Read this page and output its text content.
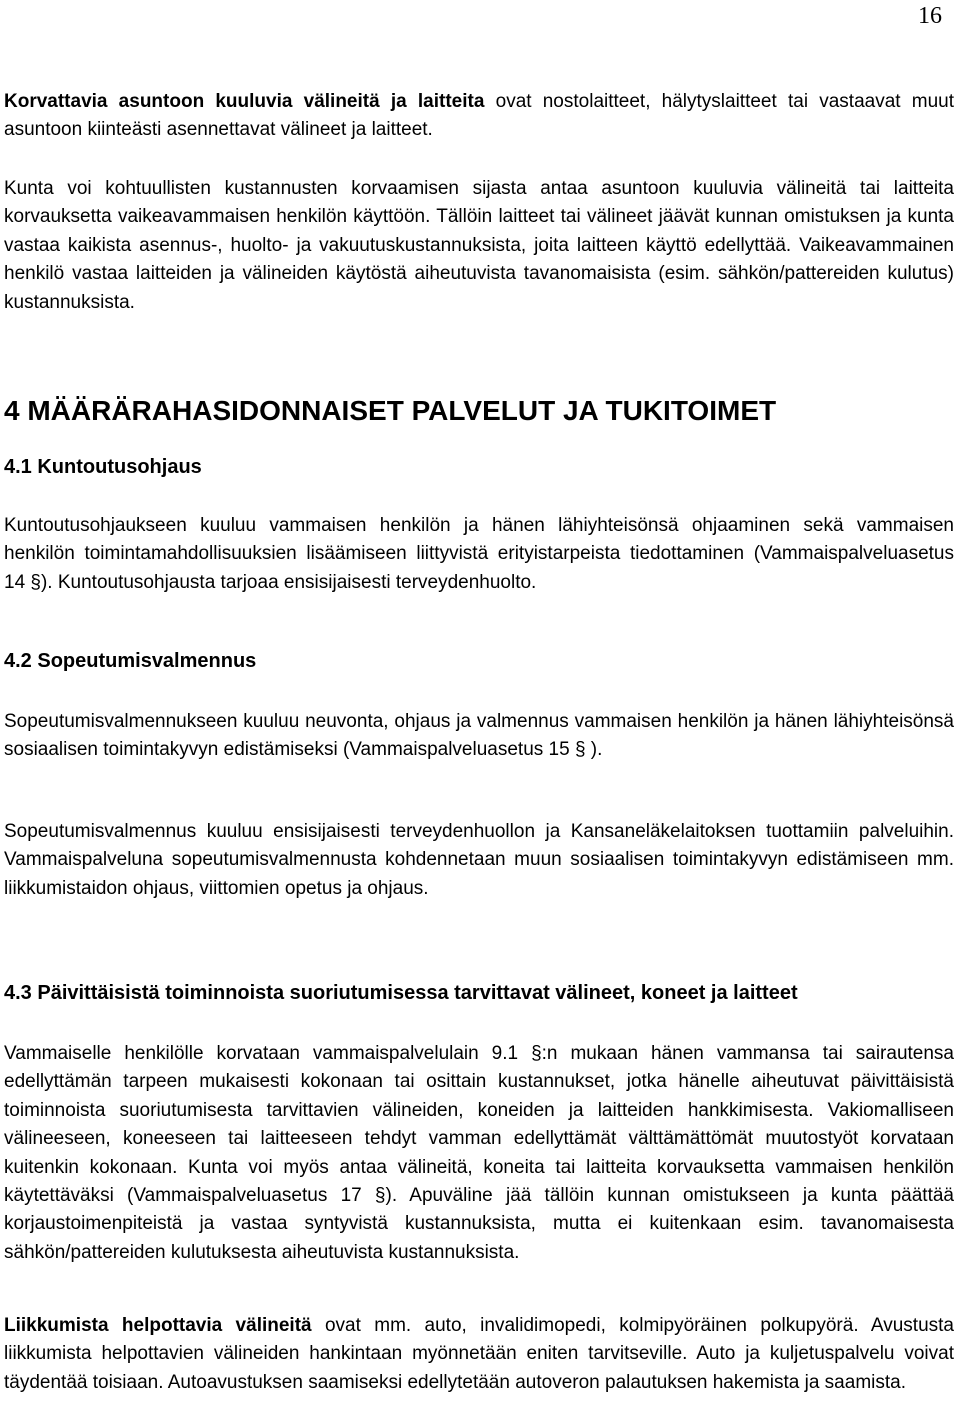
16

Korvattavia asuntoon kuuluvia välineitä ja laitteita ovat nostolaitteet, hälytyslaitteet tai vastaavat muut asuntoon kiinteästi asennettavat välineet ja laitteet.

Kunta voi kohtuullisten kustannusten korvaamisen sijasta antaa asuntoon kuuluvia välineitä tai laitteita korvauksetta vaikeavammaisen henkilön käyttöön. Tällöin laitteet tai välineet jäävät kunnan omistuksen ja kunta vastaa kaikista asennus-, huolto- ja vakuutuskustannuksista, joita laitteen käyttö edellyttää. Vaikeavammainen henkilö vastaa laitteiden ja välineiden käytöstä aiheutuvista tavanomaisista (esim. sähkön/pattereiden kulutus) kustannuksista.

4 MÄÄRÄRAHASIDONNAISET PALVELUT JA TUKITOIMET
4.1 Kuntoutusohjaus

Kuntoutusohjaukseen kuuluu vammaisen henkilön ja hänen lähiyhteisönsä ohjaaminen sekä vammaisen henkilön toimintamahdollisuuksien lisäämiseen liittyvistä erityistarpeista tiedottaminen (Vammaispalveluasetus 14 §). Kuntoutusohjausta tarjoaa ensisijaisesti terveydenhuolto.

4.2 Sopeutumisvalmennus

Sopeutumisvalmennukseen kuuluu neuvonta, ohjaus ja valmennus vammaisen henkilön ja hänen lähiyhteisönsä sosiaalisen toimintakyvyn edistämiseksi (Vammaispalveluasetus 15 § ).

Sopeutumisvalmennus kuuluu ensisijaisesti terveydenhuollon ja Kansaneläkelaitoksen tuottamiin palveluihin. Vammaispalveluna sopeutumisvalmennusta kohdennetaan muun sosiaalisen toimintakyvyn edistämiseen mm. liikkumistaidon ohjaus, viittomien opetus ja ohjaus.

4.3 Päivittäisistä toiminnoista suoriutumisessa tarvittavat välineet, koneet ja laitteet

Vammaiselle henkilölle korvataan vammaispalvelulain 9.1 §:n mukaan hänen vammansa tai sairautensa edellyttämän tarpeen mukaisesti kokonaan tai osittain kustannukset, jotka hänelle aiheutuvat päivittäisistä toiminnoista suoriutumisesta tarvittavien välineiden, koneiden ja laitteiden hankkimisesta. Vakiomalliseen välineeseen, koneeseen tai laitteeseen tehdyt vamman edellyttämät välttämättömät muutostyöt korvataan kuitenkin kokonaan. Kunta voi myös antaa välineitä, koneita tai laitteita korvauksetta vammaisen henkilön käytettäväksi (Vammaispalveluasetus 17 §). Apuväline jää tällöin kunnan omistukseen ja kunta päättää korjaustoimenpiteistä ja vastaa syntyvistä kustannuksista, mutta ei kuitenkaan esim. tavanomaisesta sähkön/pattereiden kulutuksesta aiheutuvista kustannuksista.

Liikkumista helpottavia välineitä ovat mm. auto, invalidimopedi, kolmipyöräinen polkupyörä. Avustusta liikkumista helpottavien välineiden hankintaan myönnetään eniten tarvitseville. Auto ja kuljetuspalvelu voivat täydentää toisiaan. Autoavustuksen saamiseksi edellytetään autoveron palautuksen hakemista ja saamista.
